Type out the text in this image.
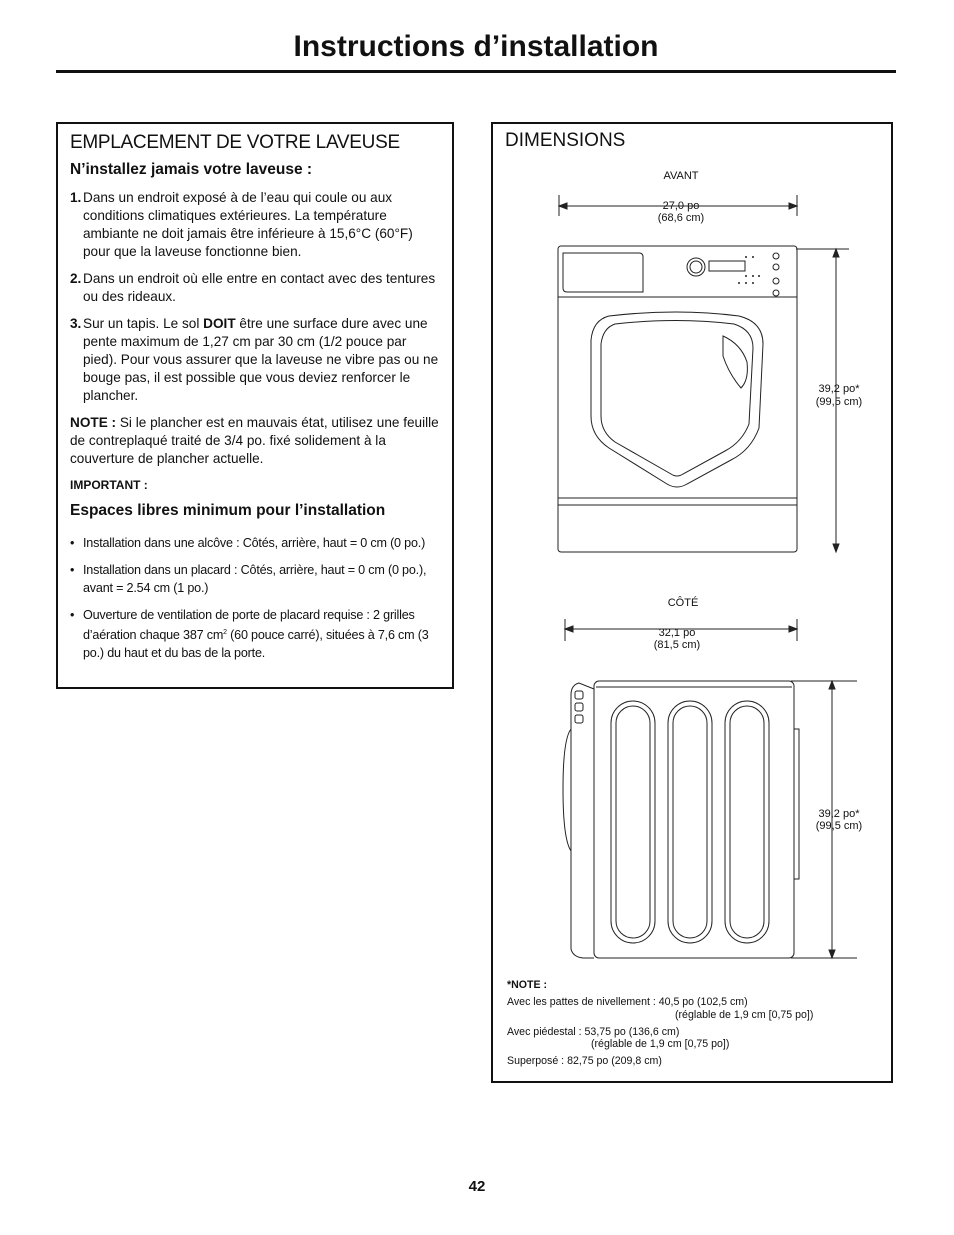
Instructions d’installation
EMPLACEMENT DE VOTRE LAVEUSE
N’installez jamais votre laveuse :
1. Dans un endroit exposé à de l’eau qui coule ou aux conditions climatiques extérieures. La température ambiante ne doit jamais être inférieure à 15,6°C (60°F) pour que la laveuse fonctionne bien.
2. Dans un endroit où elle entre en contact avec des tentures ou des rideaux.
3. Sur un tapis. Le sol DOIT être une surface dure avec une pente maximum de 1,27 cm par 30 cm (1/2 pouce par pied). Pour vous assurer que la laveuse ne vibre pas ou ne bouge pas, il est possible que vous deviez renforcer le plancher.

NOTE : Si le plancher est en mauvais état, utilisez une feuille de contreplaqué traité de 3/4 po. fixé solidement à la couverture de plancher actuelle.

IMPORTANT :

Espaces libres minimum pour l’installation
• Installation dans une alcôve : Côtés, arrière, haut = 0 cm (0 po.)
• Installation dans un placard : Côtés, arrière, haut = 0 cm (0 po.), avant = 2.54 cm (1 po.)
• Ouverture de ventilation de porte de placard requise : 2 grilles d’aération chaque 387 $cm^2$ (60 pouce carré), situées à 7,6 cm (3 po.) du haut et du bas de la porte.
DIMENSIONS
AVANT
27,0 po
(68,6 cm)
39,2 po*
(99,5 cm)
CÔTÉ
32,1 po
(81,5 cm)
39,2 po*
(99,5 cm)
*NOTE :
Avec les pattes de nivellement : 40,5 po (102,5 cm)
(réglable de 1,9 cm [0,75 po])
Avec piédestal : 53,75 po (136,6 cm)
(réglable de 1,9 cm [0,75 po])
Superposé : 82,75 po (209,8 cm)
42
